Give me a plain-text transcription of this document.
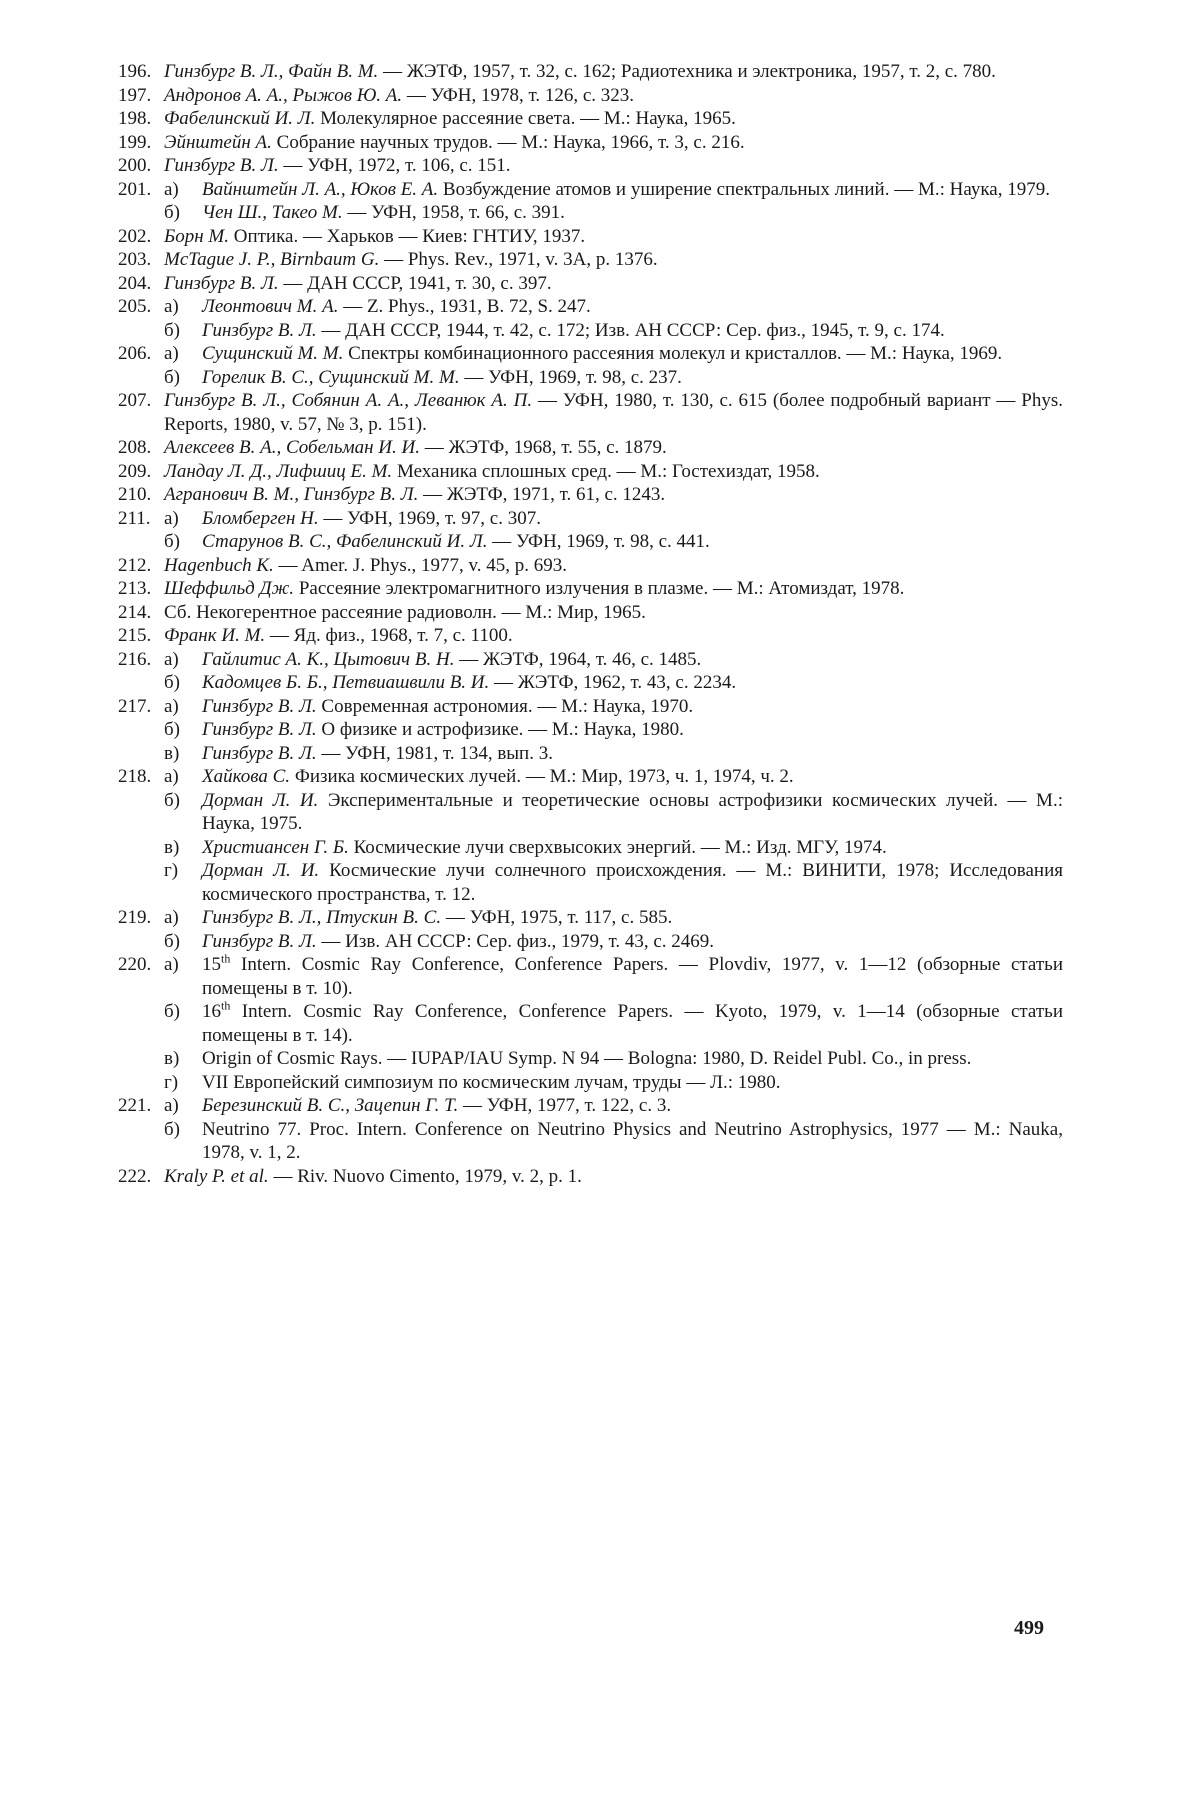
196. Гинзбург В. Л., Файн В. М. — ЖЭТФ, 1957, т. 32, с. 162; Радиотехника и электроника, 1957, т. 2, с. 780.
197. Андронов А. А., Рыжов Ю. А. — УФН, 1978, т. 126, с. 323.
198. Фабелинский И. Л. Молекулярное рассеяние света. — М.: Наука, 1965.
199. Эйнштейн А. Собрание научных трудов. — М.: Наука, 1966, т. 3, с. 216.
200. Гинзбург В. Л. — УФН, 1972, т. 106, с. 151.
201. а)	Вайнштейн Л. А., Юков Е. А. Возбуждение атомов и уширение спектральных линий. — М.: Наука, 1979.
б)	Чен Ш., Такео М. — УФН, 1958, т. 66, с. 391.
202. Борн М. Оптика. — Харьков — Киев: ГНТИУ, 1937.
203. McTague J. P., Birnbaum G. — Phys. Rev., 1971, v. 3A, p. 1376.
204. Гинзбург В. Л. — ДАН СССР, 1941, т. 30, с. 397.
205. а)	Леонтович М. А. — Z. Phys., 1931, B. 72, S. 247.
б)	Гинзбург В. Л. — ДАН СССР, 1944, т. 42, с. 172; Изв. АН СССР: Сер. физ., 1945, т. 9, с. 174.
206. а)	Сущинский М. М. Спектры комбинационного рассеяния молекул и кристаллов. — М.: Наука, 1969.
б)	Горелик В. С., Сущинский М. М. — УФН, 1969, т. 98, с. 237.
207. Гинзбург В. Л., Собянин А. А., Леванюк А. П. — УФН, 1980, т. 130, с. 615 (более подробный вариант — Phys. Reports, 1980, v. 57, № 3, p. 151).
208. Алексеев В. А., Собельман И. И. — ЖЭТФ, 1968, т. 55, с. 1879.
209. Ландау Л. Д., Лифшиц Е. М. Механика сплошных сред. — М.: Гостехиздат, 1958.
210. Агранович В. М., Гинзбург В. Л. — ЖЭТФ, 1971, т. 61, с. 1243.
211. а)	Бломберген Н. — УФН, 1969, т. 97, с. 307.
б)	Старунов В. С., Фабелинский И. Л. — УФН, 1969, т. 98, с. 441.
212. Hagenbuch K. — Amer. J. Phys., 1977, v. 45, p. 693.
213. Шеффильд Дж. Рассеяние электромагнитного излучения в плазме. — М.: Атомиздат, 1978.
214. Сб. Некогерентное рассеяние радиоволн. — М.: Мир, 1965.
215. Франк И. М. — Яд. физ., 1968, т. 7, с. 1100.
216. а)	Гайлитис А. К., Цытович В. Н. — ЖЭТФ, 1964, т. 46, с. 1485.
б)	Кадомцев Б. Б., Петвиашвили В. И. — ЖЭТФ, 1962, т. 43, с. 2234.
217. а)	Гинзбург В. Л. Современная астрономия. — М.: Наука, 1970.
б)	Гинзбург В. Л. О физике и астрофизике. — М.: Наука, 1980.
в)	Гинзбург В. Л. — УФН, 1981, т. 134, вып. 3.
218. а)	Хайкова С. Физика космических лучей. — М.: Мир, 1973, ч. 1, 1974, ч. 2.
б)	Дорман Л. И. Экспериментальные и теоретические основы астрофизики космических лучей. — М.: Наука, 1975.
в)	Христиансен Г. Б. Космические лучи сверхвысоких энергий. — М.: Изд. МГУ, 1974.
г)	Дорман Л. И. Космические лучи солнечного происхождения. — М.: ВИНИТИ, 1978; Исследования космического пространства, т. 12.
219. а)	Гинзбург В. Л., Птускин В. С. — УФН, 1975, т. 117, с. 585.
б)	Гинзбург В. Л. — Изв. АН СССР: Сер. физ., 1979, т. 43, с. 2469.
220. а)	15th Intern. Cosmic Ray Conference, Conference Papers. — Plovdiv, 1977, v. 1—12 (обзорные статьи помещены в т. 10).
б)	16th Intern. Cosmic Ray Conference, Conference Papers. — Kyoto, 1979, v. 1—14 (обзорные статьи помещены в т. 14).
в)	Origin of Cosmic Rays. — IUPAP/IAU Symp. N 94 — Bologna: 1980, D. Reidel Publ. Co., in press.
г)	VII Европейский симпозиум по космическим лучам, труды — Л.: 1980.
221. а)	Березинский В. С., Зацепин Г. Т. — УФН, 1977, т. 122, с. 3.
б)	Neutrino 77. Proc. Intern. Conference on Neutrino Physics and Neutrino Astrophysics, 1977 — М.: Nauka, 1978, v. 1, 2.
222. Kraly P. et al. — Riv. Nuovo Cimento, 1979, v. 2, p. 1.
499
